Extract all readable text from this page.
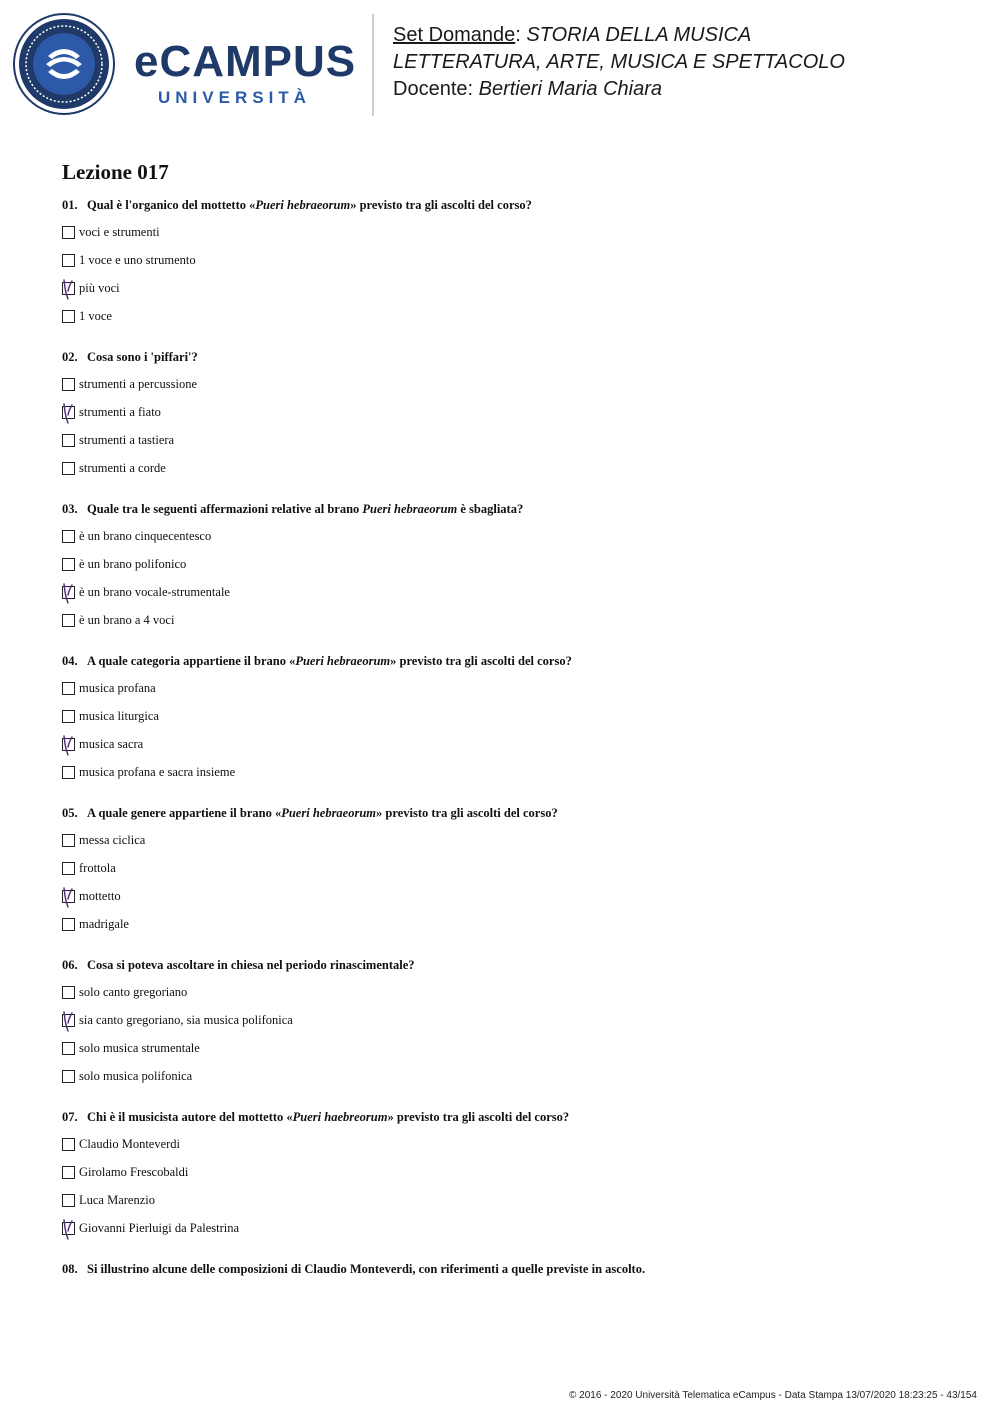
eCAMPUS
UNIVERSITÀ
Set Domande: STORIA DELLA MUSICA
LETTERATURA, ARTE, MUSICA E SPETTACOLO
Docente: Bertieri Maria Chiara
Lezione 017
01. Qual è l'organico del mottetto «Pueri hebraeorum» previsto tra gli ascolti del corso?
voci e strumenti
1 voce e uno strumento
più voci
1 voce
02. Cosa sono i 'piffari'?
strumenti a percussione
strumenti a fiato
strumenti a tastiera
strumenti a corde
03. Quale tra le seguenti affermazioni relative al brano Pueri hebraeorum è sbagliata?
è un brano cinquecentesco
è un brano polifonico
è un brano vocale-strumentale
è un brano a 4 voci
04. A quale categoria appartiene il brano «Pueri hebraeorum» previsto tra gli ascolti del corso?
musica profana
musica liturgica
musica sacra
musica profana e sacra insieme
05. A quale genere appartiene il brano «Pueri hebraeorum» previsto tra gli ascolti del corso?
messa ciclica
frottola
mottetto
madrigale
06. Cosa si poteva ascoltare in chiesa nel periodo rinascimentale?
solo canto gregoriano
sia canto gregoriano, sia musica polifonica
solo musica strumentale
solo musica polifonica
07. Chi è il musicista autore del mottetto «Pueri haebreorum» previsto tra gli ascolti del corso?
Claudio Monteverdi
Girolamo Frescobaldi
Luca Marenzio
Giovanni Pierluigi da Palestrina
08. Si illustrino alcune delle composizioni di Claudio Monteverdi, con riferimenti a quelle previste in ascolto.
© 2016 - 2020 Università Telematica eCampus - Data Stampa 13/07/2020 18:23:25 - 43/154
